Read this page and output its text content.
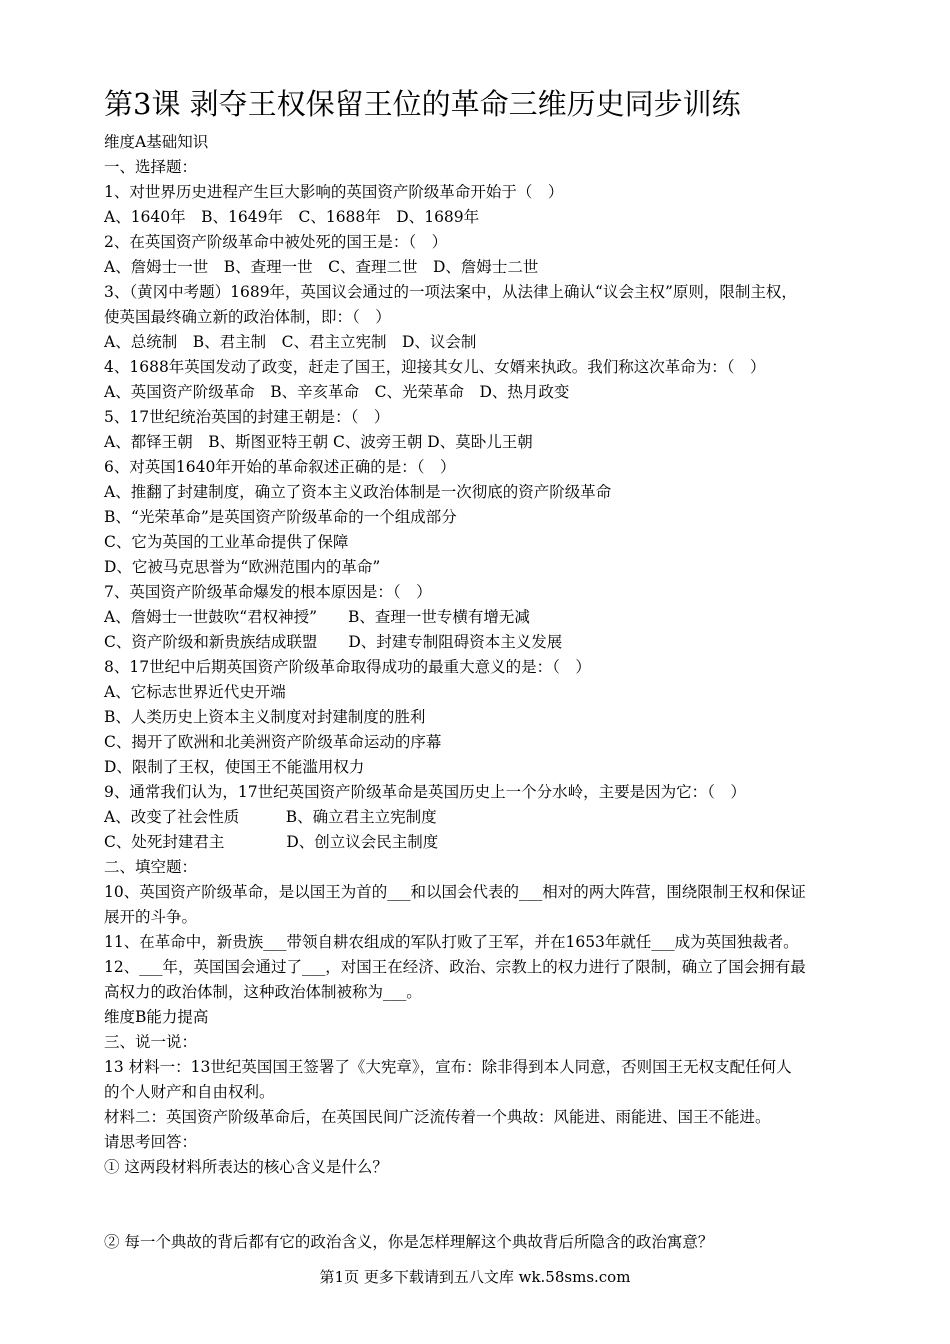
第3课 剥夺王权保留王位的革命三维历史同步训练
维度A基础知识
一、选择题：
1、对世界历史进程产生巨大影响的英国资产阶级革命开始于（　）
A、1640年　B、1649年　C、1688年　D、1689年
2、在英国资产阶级革命中被处死的国王是：（　）
A、詹姆士一世　B、查理一世　C、查理二世　D、詹姆士二世
3、（黄冈中考题）1689年，英国议会通过的一项法案中，从法律上确认“议会主权”原则，限制主权，
使英国最终确立新的政治体制，即：（　）
A、总统制　B、君主制　C、君主立宪制　D、议会制
4、1688年英国发动了政变，赶走了国王，迎接其女儿、女婿来执政。我们称这次革命为：（　）
A、英国资产阶级革命　B、辛亥革命　C、光荣革命　D、热月政变
5、17世纪统治英国的封建王朝是：（　）
A、都铎王朝　B、斯图亚特王朝 C、波旁王朝 D、莫卧儿王朝
6、对英国1640年开始的革命叙述正确的是：（　）
A、推翻了封建制度，确立了资本主义政治体制是一次彻底的资产阶级革命
B、“光荣革命”是英国资产阶级革命的一个组成部分
C、它为英国的工业革命提供了保障
D、它被马克思誉为“欧洲范围内的革命”
7、英国资产阶级革命爆发的根本原因是：（　）
A、詹姆士一世鼓吹“君权神授”　　B、查理一世专横有增无减
C、资产阶级和新贵族结成联盟　　D、封建专制阻碍资本主义发展
8、17世纪中后期英国资产阶级革命取得成功的最重大意义的是：（　）
A、它标志世界近代史开端
B、人类历史上资本主义制度对封建制度的胜利
C、揭开了欧洲和北美洲资产阶级革命运动的序幕
D、限制了王权，使国王不能滥用权力
9、通常我们认为，17世纪英国资产阶级革命是英国历史上一个分水岭，主要是因为它：（　）
A、改变了社会性质　　　B、确立君主立宪制度
C、处死封建君主　　　　D、创立议会民主制度
二、填空题：
10、英国资产阶级革命，是以国王为首的___和以国会代表的___相对的两大阵营，围绕限制王权和保证
展开的斗争。
11、在革命中，新贵族___带领自耕农组成的军队打败了王军，并在1653年就任___成为英国独裁者。
12、___年，英国国会通过了___，对国王在经济、政治、宗教上的权力进行了限制，确立了国会拥有最
高权力的政治体制，这种政治体制被称为___。
维度B能力提高
三、说一说：
13 材料一：13世纪英国国王签署了《大宪章》，宣布：除非得到本人同意，否则国王无权支配任何人
的个人财产和自由权利。
材料二：英国资产阶级革命后，在英国民间广泛流传着一个典故：风能进、雨能进、国王不能进。
请思考回答：
① 这两段材料所表达的核心含义是什么？
② 每一个典故的背后都有它的政治含义，你是怎样理解这个典故背后所隐含的政治寓意？
第1页 更多下载请到五八文库 wk.58sms.com
